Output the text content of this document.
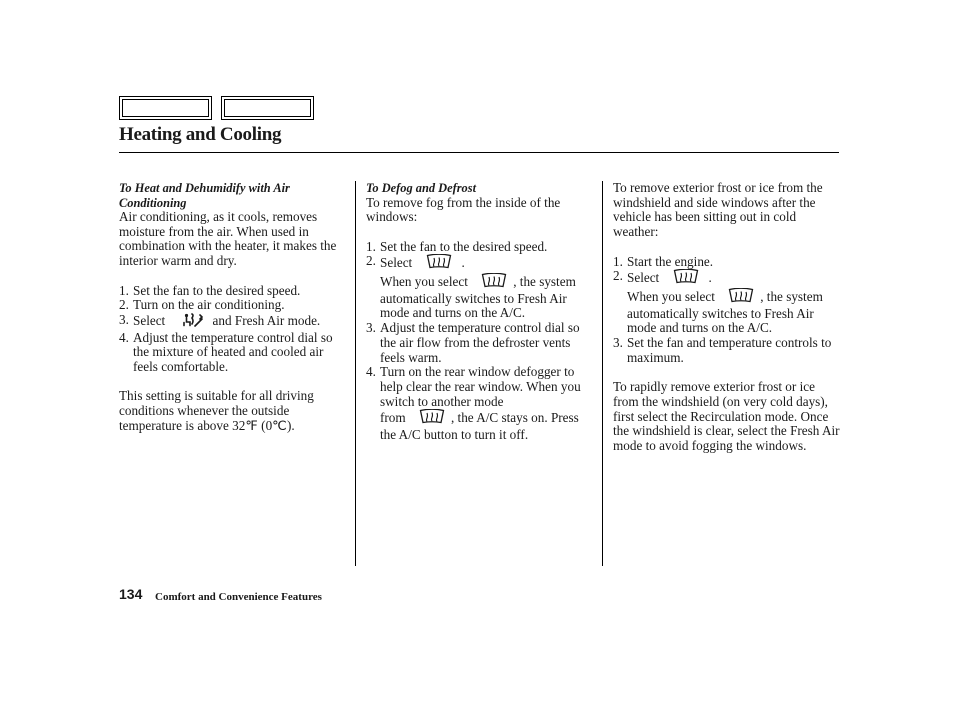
Heating and Cooling
To Heat and Dehumidify with Air Conditioning

Air conditioning, as it cools, removes moisture from the air. When used in combination with the heater, it makes the interior warm and dry.

1. Set the fan to the desired speed.
2. Turn on the air conditioning.
3. Select	and Fresh Air mode.
4. Adjust the temperature control dial so the mixture of heated and cooled air feels comfortable.

This setting is suitable for all driving conditions whenever the outside temperature is above 32℉ (0℃).

To Defog and Defrost

To remove fog from the inside of the windows:

1. Set the fan to the desired speed.
2. Select	.
When you select	, the system automatically switches to Fresh Air mode and turns on the A/C.
3. Adjust the temperature control dial so the air flow from the defroster vents feels warm.
4. Turn on the rear window defogger to help clear the rear window. When you switch to another mode
from	, the A/C stays on. Press the A/C button to turn it off.

To remove exterior frost or ice from the windshield and side windows after the vehicle has been sitting out in cold weather:

1. Start the engine.
2. Select	.
When you select	, the system automatically switches to Fresh Air mode and turns on the A/C.
3. Set the fan and temperature controls to maximum.

To rapidly remove exterior frost or ice from the windshield (on very cold days), first select the Recirculation mode. Once the windshield is clear, select the Fresh Air mode to avoid fogging the windows.

134 Comfort and Convenience Features
